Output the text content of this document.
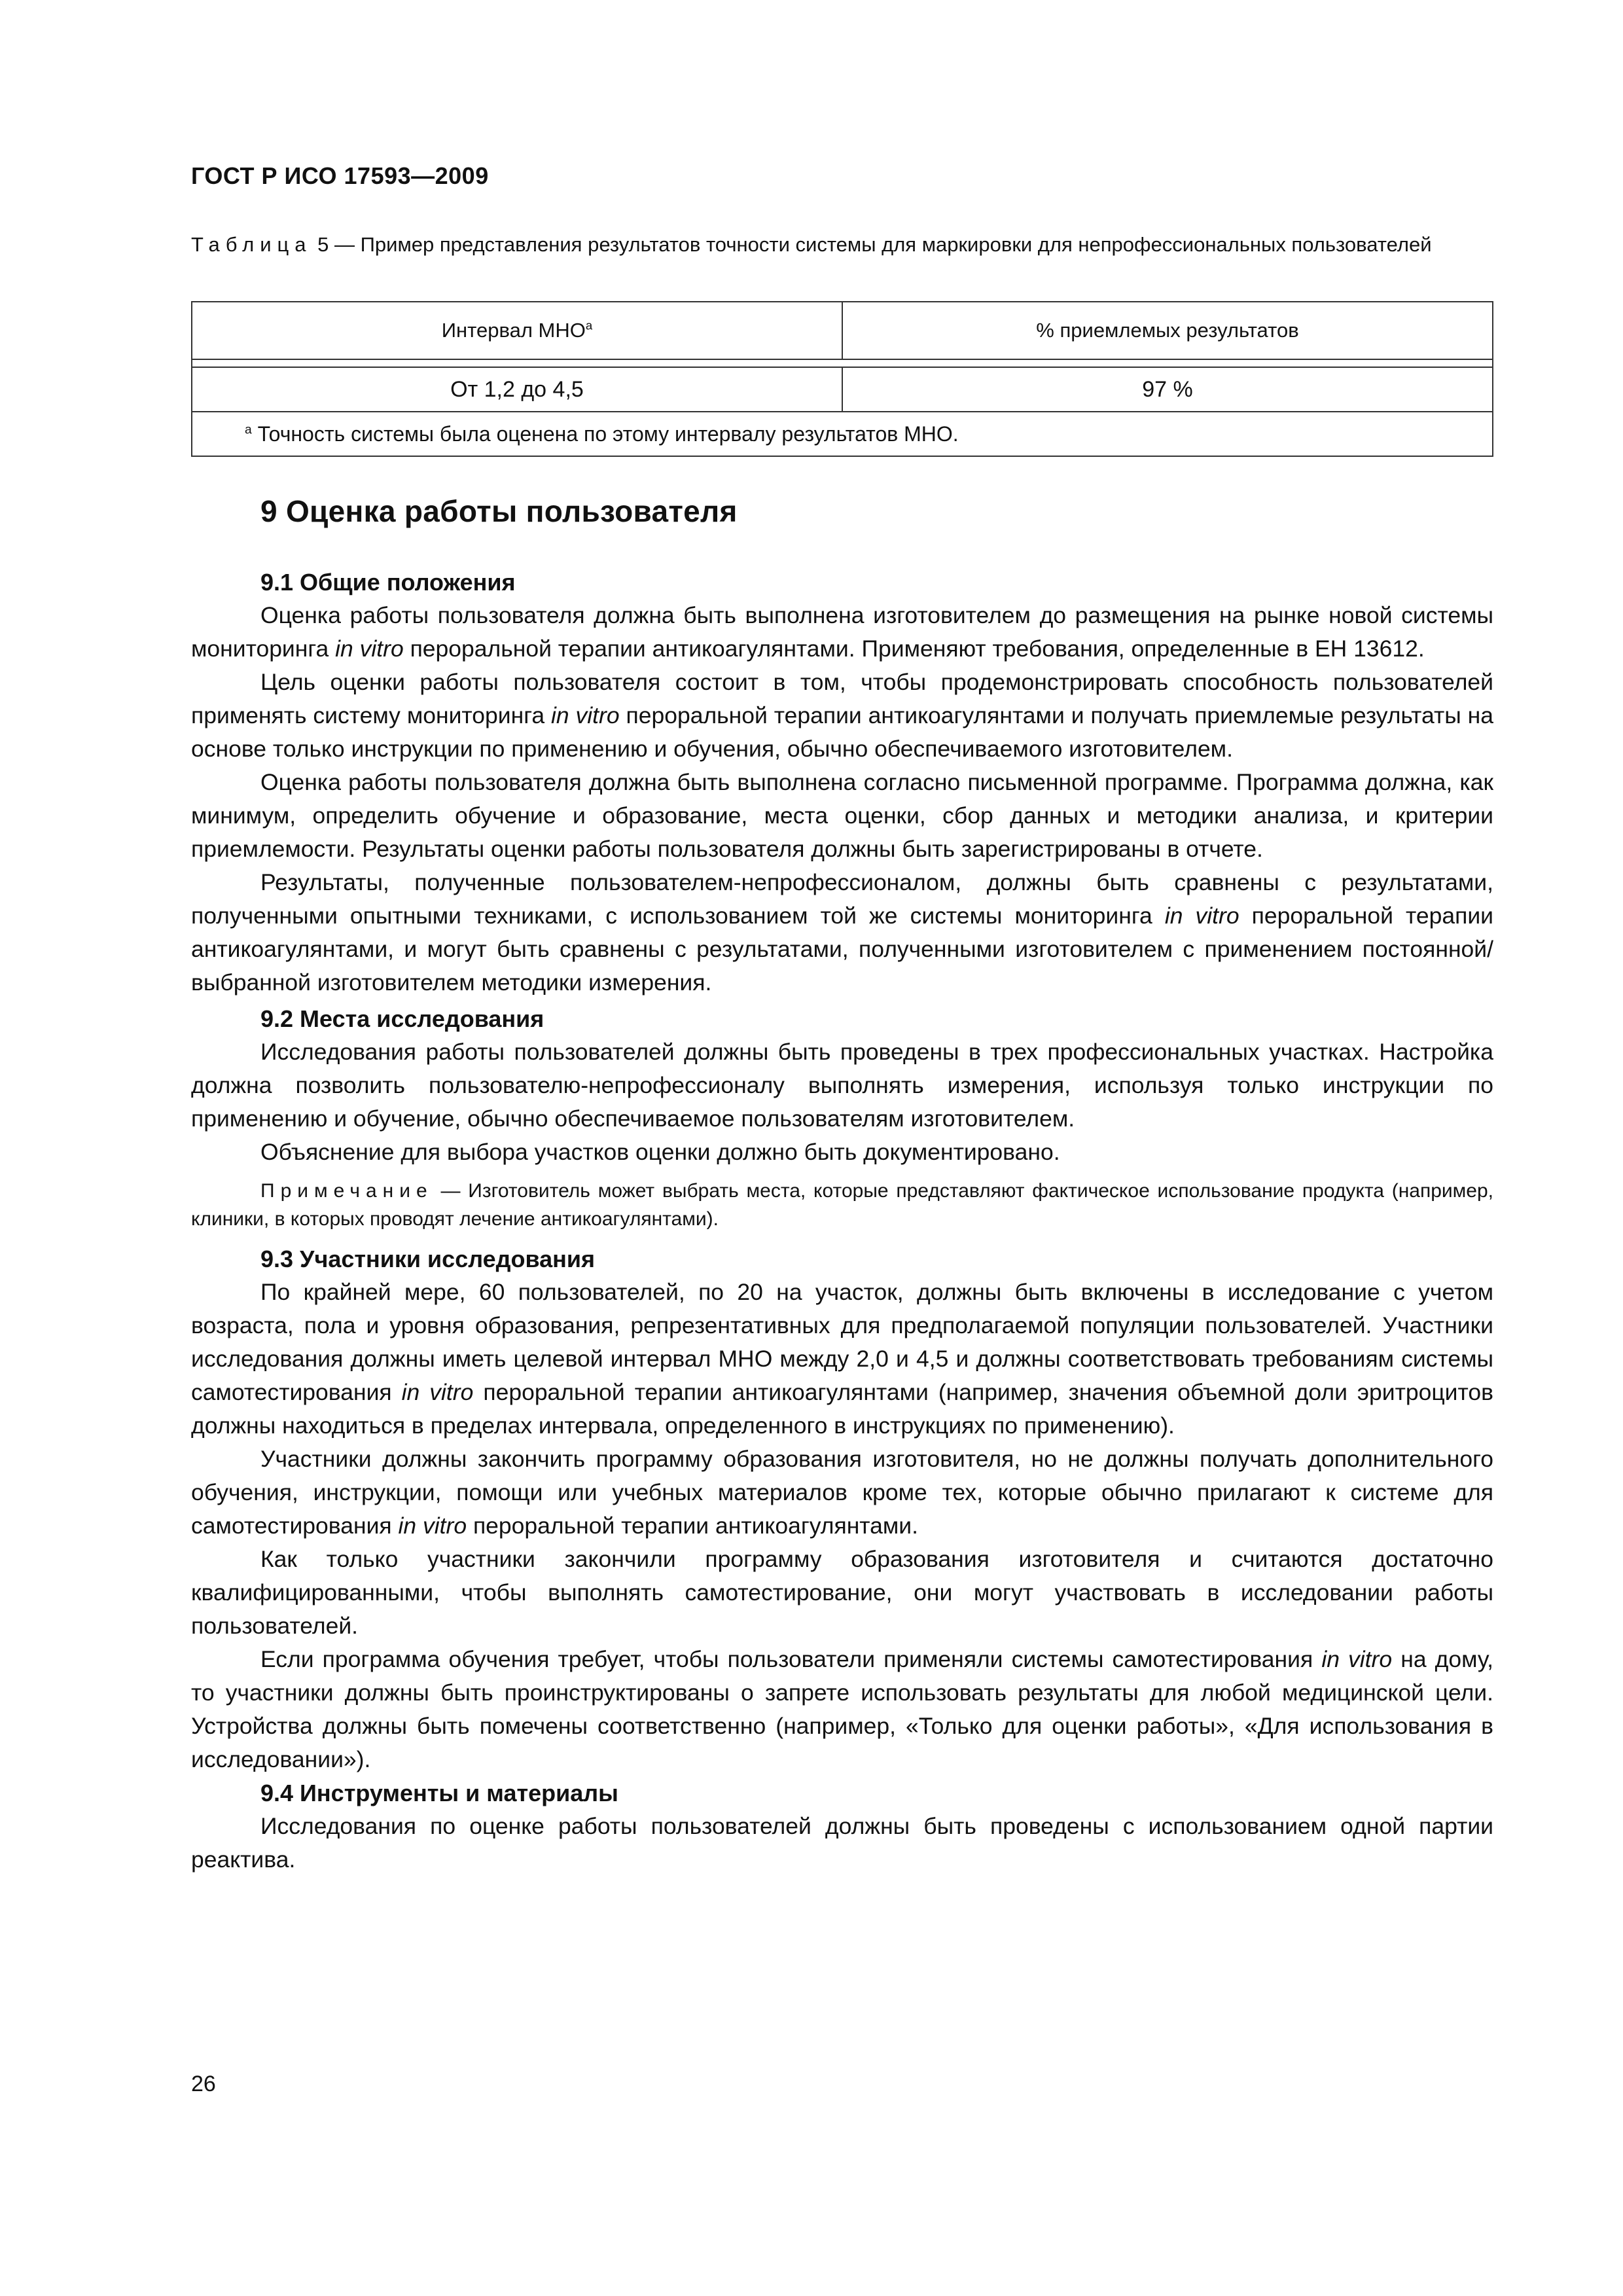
ГОСТ Р ИСО 17593—2009
Таблица 5 — Пример представления результатов точности системы для маркировки для непрофессиональных пользователей
Интервал МНО$^a$	% приемлемых результатов

От 1,2 до 4,5	97 %
$^a$ Точность системы была оценена по этому интервалу результатов МНО.	
9 Оценка работы пользователя
9.1 Общие положения

Оценка работы пользователя должна быть выполнена изготовителем до размещения на рынке новой системы мониторинга in vitro пероральной терапии антикоагулянтами. Применяют требования, определенные в ЕН 13612.

Цель оценки работы пользователя состоит в том, чтобы продемонстрировать способность пользователей применять систему мониторинга in vitro пероральной терапии антикоагулянтами и получать приемлемые результаты на основе только инструкции по применению и обучения, обычно обеспечиваемого изготовителем.

Оценка работы пользователя должна быть выполнена согласно письменной программе. Программа должна, как минимум, определить обучение и образование, места оценки, сбор данных и методики анализа, и критерии приемлемости. Результаты оценки работы пользователя должны быть зарегистрированы в отчете.

Результаты, полученные пользователем-непрофессионалом, должны быть сравнены с результатами, полученными опытными техниками, с использованием той же системы мониторинга in vitro пероральной терапии антикоагулянтами, и могут быть сравнены с результатами, полученными изготовителем с применением постоянной/выбранной изготовителем методики измерения.

9.2 Места исследования

Исследования работы пользователей должны быть проведены в трех профессиональных участках. Настройка должна позволить пользователю-непрофессионалу выполнять измерения, используя только инструкции по применению и обучение, обычно обеспечиваемое пользователям изготовителем.

Объяснение для выбора участков оценки должно быть документировано.

Примечание — Изготовитель может выбрать места, которые представляют фактическое использование продукта (например, клиники, в которых проводят лечение антикоагулянтами).

9.3 Участники исследования

По крайней мере, 60 пользователей, по 20 на участок, должны быть включены в исследование с учетом возраста, пола и уровня образования, репрезентативных для предполагаемой популяции пользователей. Участники исследования должны иметь целевой интервал МНО между 2,0 и 4,5 и должны соответствовать требованиям системы самотестирования in vitro пероральной терапии антикоагулянтами (например, значения объемной доли эритроцитов должны находиться в пределах интервала, определенного в инструкциях по применению).

Участники должны закончить программу образования изготовителя, но не должны получать дополнительного обучения, инструкции, помощи или учебных материалов кроме тех, которые обычно прилагают к системе для самотестирования in vitro пероральной терапии антикоагулянтами.

Как только участники закончили программу образования изготовителя и считаются достаточно квалифицированными, чтобы выполнять самотестирование, они могут участвовать в исследовании работы пользователей.

Если программа обучения требует, чтобы пользователи применяли системы самотестирования in vitro на дому, то участники должны быть проинструктированы о запрете использовать результаты для любой медицинской цели. Устройства должны быть помечены соответственно (например, «Только для оценки работы», «Для использования в исследовании»).

9.4 Инструменты и материалы

Исследования по оценке работы пользователей должны быть проведены с использованием одной партии реактива.

26
